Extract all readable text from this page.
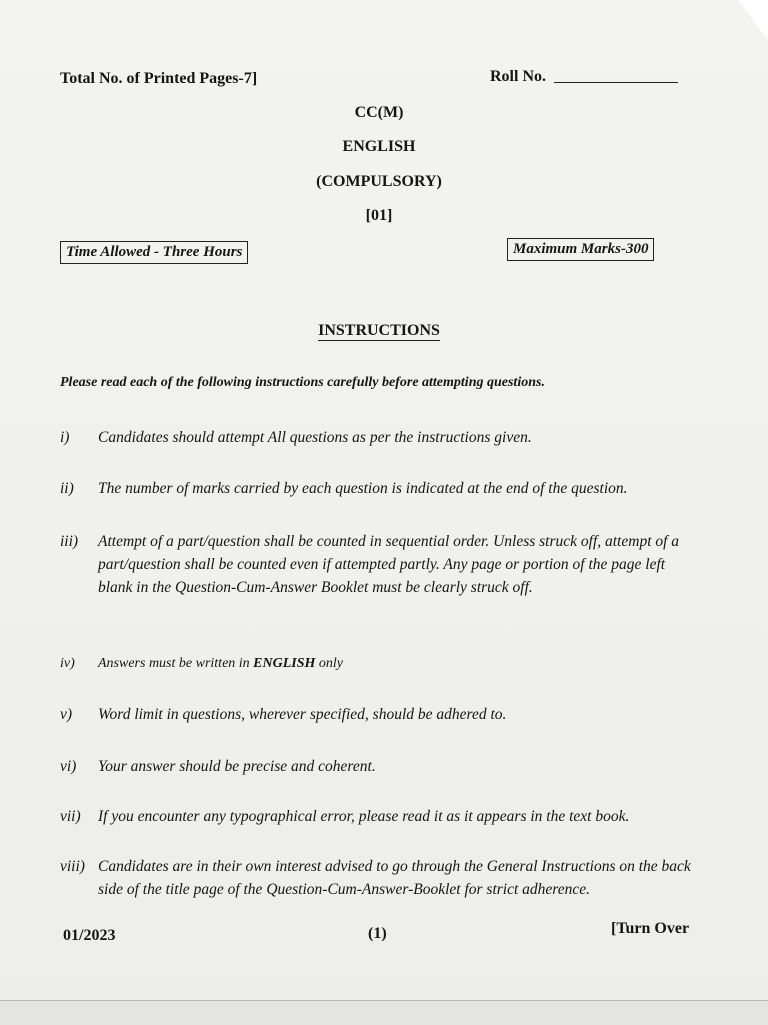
Total No. of Printed Pages-7]	Roll No.
CC(M)
ENGLISH
(COMPULSORY)
[01]
Time Allowed - Three Hours	Maximum Marks-300
INSTRUCTIONS
Please read each of the following instructions carefully before attempting questions.
i)	Candidates should attempt All questions as per the instructions given.
ii)	The number of marks carried by each question is indicated at the end of the question.
iii)	Attempt of a part/question shall be counted in sequential order. Unless struck off, attempt of a part/question shall be counted even if attempted partly. Any page or portion of the page left blank in the Question-Cum-Answer Booklet must be clearly struck off.
iv)	Answers must be written in ENGLISH only
v)	Word limit in questions, wherever specified, should be adhered to.
vi)	Your answer should be precise and coherent.
vii)	If you encounter any typographical error, please read it as it appears in the text book.
viii) Candidates are in their own interest advised to go through the General Instructions on the back side of the title page of the Question-Cum-Answer-Booklet for strict adherence.
01/2023	(1)	[Turn Over
